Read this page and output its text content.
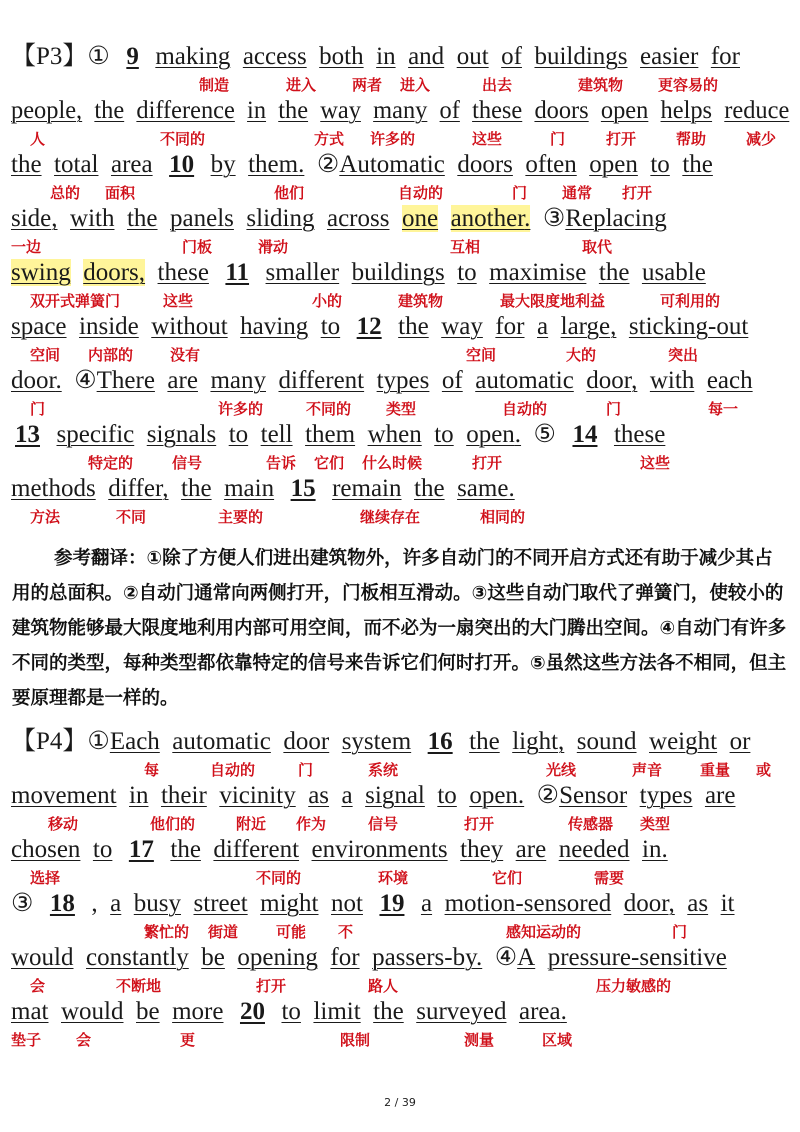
【P3】① 9 making access both in and out of buildings easier for
制造	进入 两者 进入	出去	建筑物 更容易的
people, the difference in the way many of these doors open helps reduce
人	不同的	方式 许多的	这些	门	打开	帮助	减少
the total area 10 by them. ②Automatic doors often open to the
总的 面积	他们	自动的	门 通常 打开
side, with the panels sliding across one another. ③Replacing
一边	门板	滑动	互相	取代
swing doors, these 11 smaller buildings to maximise the usable
双开式弹簧门	这些	小的	建筑物	最大限度地利益	可利用的
space inside without having to 12 the way for a large, sticking-out
空间 内部的 没有	空间	大的	突出
door. ④There are many different types of automatic door, with each
门	许多的	不同的 类型	自动的	门	每一
13 specific signals to tell them when to open. ⑤ 14 these
特定的	信号	告诉 它们 什么时候	打开	这些
methods differ, the main 15 remain the same.
方法	不同	主要的	继续存在	相同的
参考翻译：①除了方便人们进出建筑物外，许多自动门的不同开启方式还有助于减少其占用的总面积。②自动门通常向两侧打开，门板相互滑动。③这些自动门取代了弹簧门，使较小的建筑物能够最大限度地利用内部可用空间，而不必为一扇突出的大门腾出空间。④自动门有许多不同的类型，每种类型都依靠特定的信号来告诉它们何时打开。⑤虽然这些方法各不相同，但主要原理都是一样的。
【P4】①Each automatic door system 16 the light, sound weight or
每	自动的	门	系统	光线	声音	重量 或
movement in their vicinity as a signal to open. ②Sensor types are
移动	他们的	附近 作为	信号	打开	传感器 类型
chosen to 17 the different environments they are needed in.
选择	不同的	环境	它们	需要
③ 18 , a busy street might not 19 a motion-sensored door, as it
繁忙的 街道	可能 不	感知运动的	门
would constantly be opening for passers-by. ④A pressure-sensitive
会	不断地	打开	路人	压力敏感的
mat would be more 20 to limit the surveyed area.
垫子 会	更	限制	测量	区域
2 / 39
